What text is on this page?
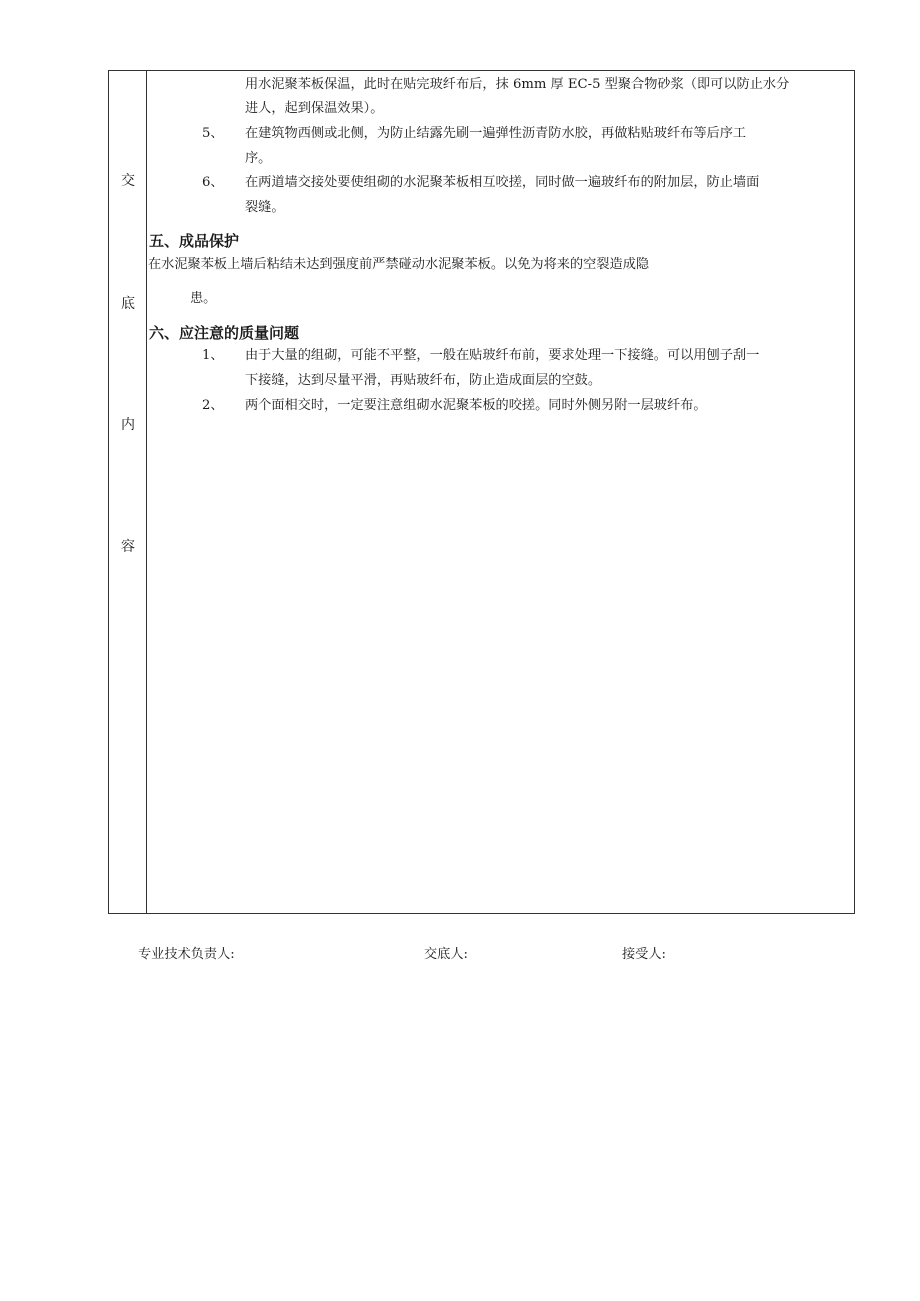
交
底
内
容
用水泥聚苯板保温，此时在贴完玻纤布后，抹 6mm 厚 EC-5 型聚合物砂浆（即可以防止水分
进人，起到保温效果）。
5、 在建筑物西侧或北侧，为防止结露先刷一遍弹性沥青防水胶，再做粘贴玻纤布等后序工
序。
6、 在两道墙交接处要使组砌的水泥聚苯板相互咬搓，同时做一遍玻纤布的附加层，防止墙面
裂缝。
五、成品保护
在水泥聚苯板上墙后粘结未达到强度前严禁碰动水泥聚苯板。以免为将来的空裂造成隐
患。
六、应注意的质量问题
1、 由于大量的组砌，可能不平整，一般在贴玻纤布前，要求处理一下接缝。可以用刨子刮一
下接缝，达到尽量平滑，再贴玻纤布，防止造成面层的空鼓。
2、 两个面相交时，一定要注意组砌水泥聚苯板的咬搓。同时外侧另附一层玻纤布。
专业技术负责人:	交底人:	接受人:
